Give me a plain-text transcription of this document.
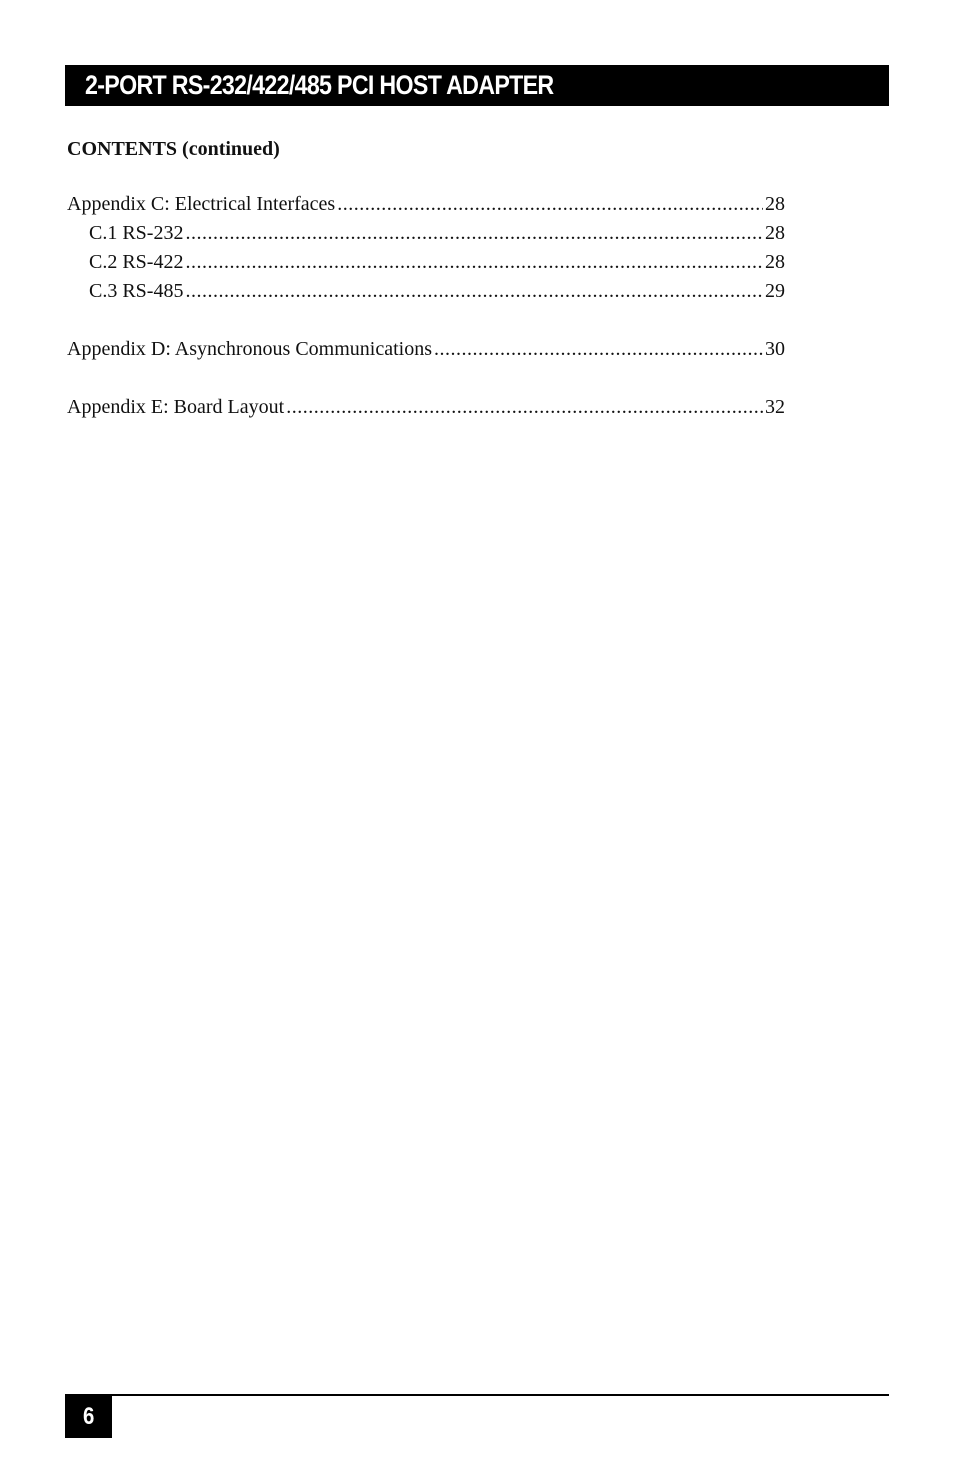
2-PORT RS-232/422/485 PCI HOST ADAPTER
CONTENTS (continued)
Appendix C: Electrical Interfaces .....	28
C.1 RS-232 .....	28
C.2 RS-422 .....	28
C.3 RS-485 .....	29
Appendix D: Asynchronous Communications .....	30
Appendix E: Board Layout .....	32
6
